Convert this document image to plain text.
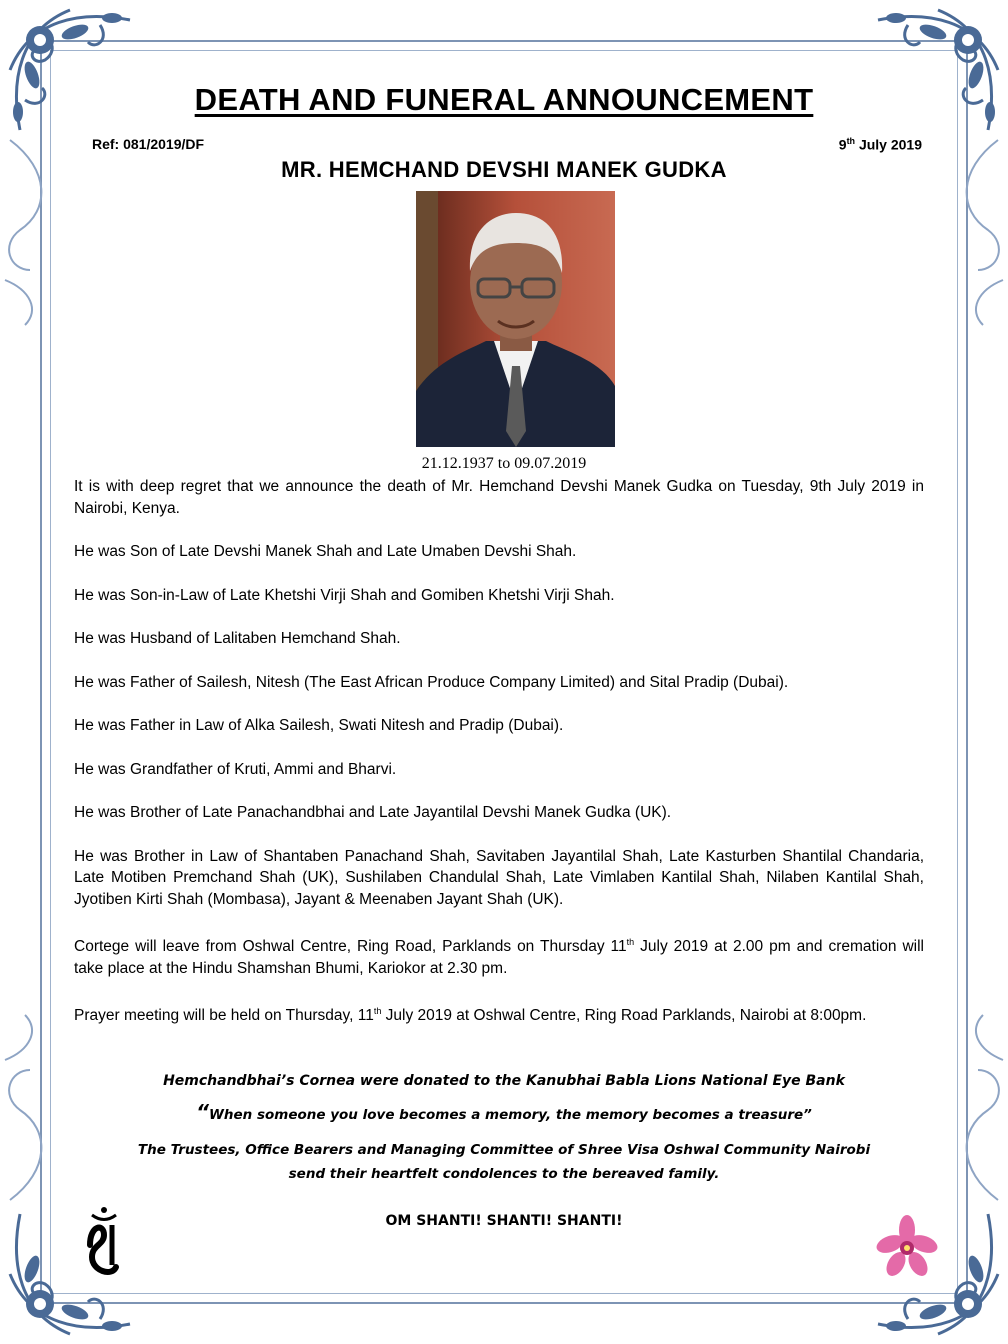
DEATH AND FUNERAL ANNOUNCEMENT
Ref: 081/2019/DF	9th July 2019
MR. HEMCHAND DEVSHI MANEK GUDKA
21.12.1937 to 09.07.2019

It is with deep regret that we announce the death of Mr. Hemchand Devshi Manek Gudka on Tuesday, 9th July 2019 in Nairobi, Kenya.

He was Son of Late Devshi Manek Shah and Late Umaben Devshi Shah.

He was Son-in-Law of Late Khetshi Virji Shah and Gomiben Khetshi Virji Shah.

He was Husband of Lalitaben Hemchand Shah.

He was Father of Sailesh, Nitesh (The East African Produce Company Limited) and Sital Pradip (Dubai).

He was Father in Law of Alka Sailesh, Swati Nitesh and Pradip (Dubai).

He was Grandfather of Kruti, Ammi and Bharvi.

He was Brother of Late Panachandbhai and Late Jayantilal Devshi Manek Gudka (UK).

He was Brother in Law of Shantaben Panachand Shah, Savitaben Jayantilal Shah, Late Kasturben Shantilal Chandaria, Late Motiben Premchand Shah (UK), Sushilaben Chandulal Shah, Late Vimlaben Kantilal Shah, Nilaben Kantilal Shah, Jyotiben Kirti Shah (Mombasa), Jayant & Meenaben Jayant Shah (UK).

Cortege will leave from Oshwal Centre, Ring Road, Parklands on Thursday 11th July 2019 at 2.00 pm and cremation will take place at the Hindu Shamshan Bhumi, Kariokor at 2.30 pm.

Prayer meeting will be held on Thursday, 11th July 2019 at Oshwal Centre, Ring Road Parklands, Nairobi at 8:00pm.

Hemchandbhai’s Cornea were donated to the Kanubhai Babla Lions National Eye Bank
“When someone you love becomes a memory, the memory becomes a treasure”
The Trustees, Office Bearers and Managing Committee of Shree Visa Oshwal Community Nairobi
send their heartfelt condolences to the bereaved family.
OM SHANTI! SHANTI! SHANTI!
